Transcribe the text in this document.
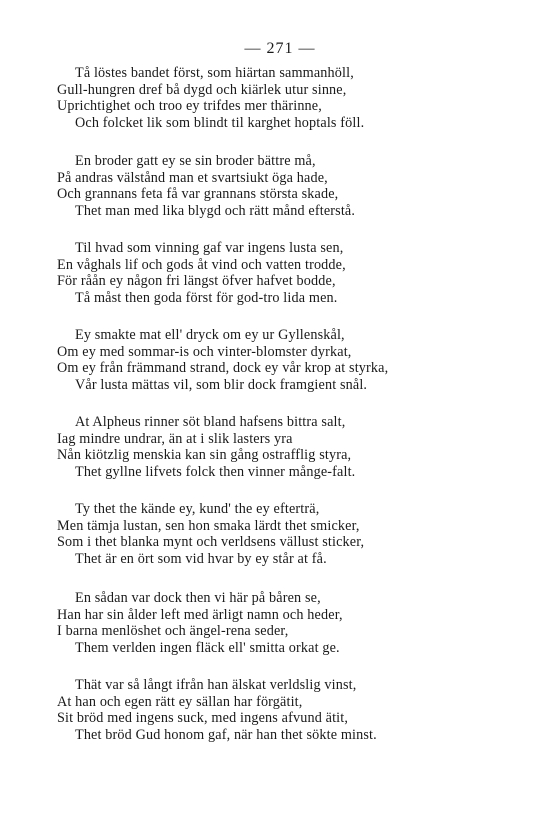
— 271 —
Tå löstes bandet först, som hiärtan sammanhöll,
Gull-hungren dref bå dygd och kiärlek utur sinne,
Uprichtighet och troo ey trifdes mer thärinne,
Och folcket lik som blindt til karghet hoptals föll.
En broder gatt ey se sin broder bättre må,
På andras välstånd man et svartsiukt öga hade,
Och grannans feta få var grannans största skade,
Thet man med lika blygd och rätt månd efterstå.
Til hvad som vinning gaf var ingens lusta sen,
En våghals lif och gods åt vind och vatten trodde,
För råån ey någon fri längst öfver hafvet bodde,
Tå måst then goda först för god-tro lida men.
Ey smakte mat ell' dryck om ey ur Gyllenskål,
Om ey med sommar-is och vinter-blomster dyrkat,
Om ey från främmand strand, dock ey vår krop at styrka,
Vår lusta mättas vil, som blir dock framgient snål.
At Alpheus rinner söt bland hafsens bittra salt,
Iag mindre undrar, än at i slik lasters yra
Nån kiötzlig menskia kan sin gång ostrafflig styra,
Thet gyllne lifvets folck then vinner månge-falt.
Ty thet the kände ey, kund' the ey efterträ,
Men tämja lustan, sen hon smaka lärdt thet smicker,
Som i thet blanka mynt och verldsens vällust sticker,
Thet är en ört som vid hvar by ey står at få.
En sådan var dock then vi här på båren se,
Han har sin ålder left med ärligt namn och heder,
I barna menlöshet och ängel-rena seder,
Them verlden ingen fläck ell' smitta orkat ge.
Thät var så långt ifrån han älskat verldslig vinst,
At han och egen rätt ey sällan har förgätit,
Sit bröd med ingens suck, med ingens afvund ätit,
Thet bröd Gud honom gaf, när han thet sökte minst.
